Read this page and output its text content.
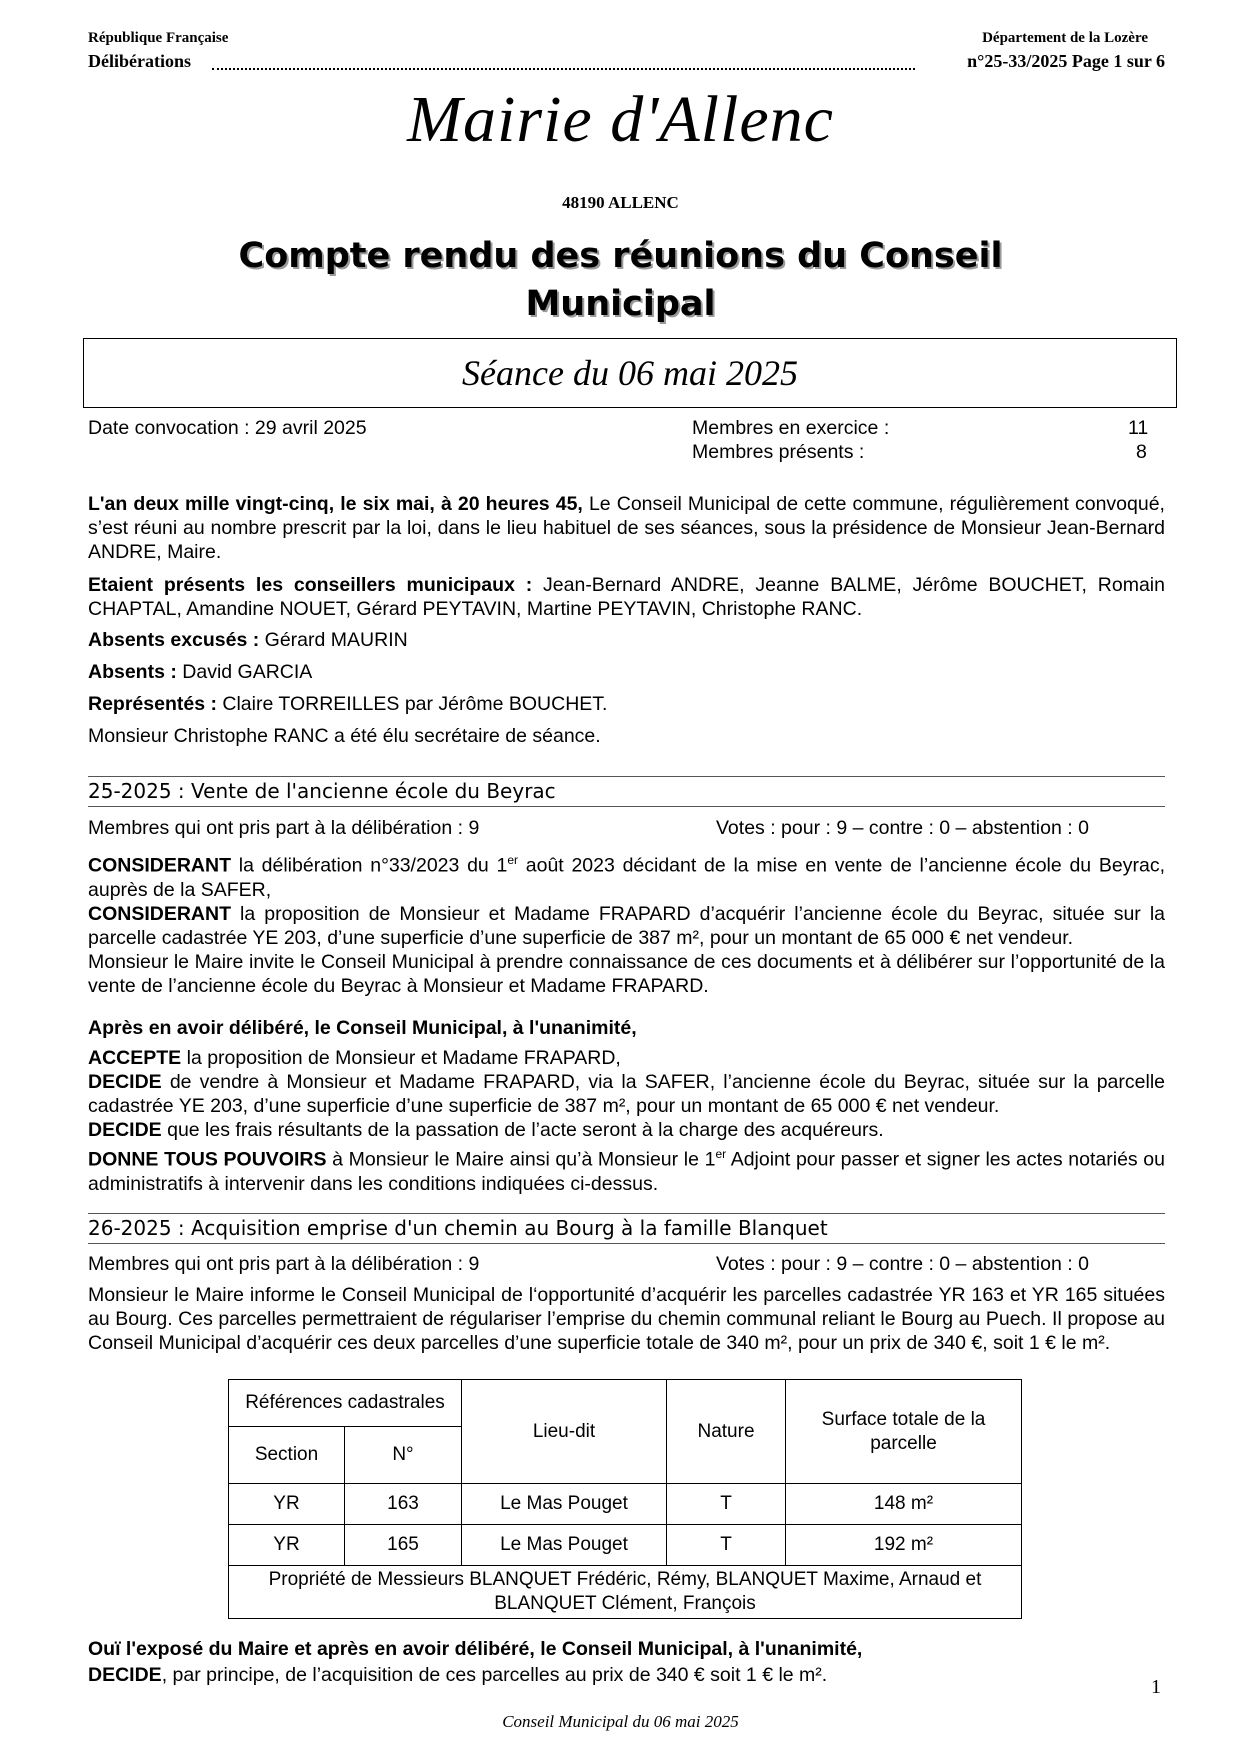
République Française	Département de la Lozère
Délibérations	n°25-33/2025 Page 1 sur 6
Mairie d'Allenc
48190 ALLENC
Compte rendu des réunions du Conseil
Municipal
Séance du 06 mai 2025
Date convocation : 29 avril 2025	Membres en exercice :	11
Membres présents :	8
L'an deux mille vingt-cinq, le six mai, à 20 heures 45, Le Conseil Municipal de cette commune, régulièrement convoqué, s’est réuni au nombre prescrit par la loi, dans le lieu habituel de ses séances, sous la présidence de Monsieur Jean-Bernard ANDRE, Maire.
Etaient présents les conseillers municipaux : Jean-Bernard ANDRE, Jeanne BALME, Jérôme BOUCHET, Romain CHAPTAL, Amandine NOUET, Gérard PEYTAVIN, Martine PEYTAVIN, Christophe RANC.
Absents excusés : Gérard MAURIN
Absents : David GARCIA
Représentés : Claire TORREILLES par Jérôme BOUCHET.
Monsieur Christophe RANC a été élu secrétaire de séance.
25-2025 : Vente de l'ancienne école du Beyrac
Membres qui ont pris part à la délibération : 9	Votes : pour : 9 – contre : 0 – abstention : 0
CONSIDERANT la délibération n°33/2023 du 1er août 2023 décidant de la mise en vente de l’ancienne école du Beyrac, auprès de la SAFER,
CONSIDERANT la proposition de Monsieur et Madame FRAPARD d’acquérir l’ancienne école du Beyrac, située sur la parcelle cadastrée YE 203, d’une superficie d’une superficie de 387 m², pour un montant de 65 000 € net vendeur.
Monsieur le Maire invite le Conseil Municipal à prendre connaissance de ces documents et à délibérer sur l’opportunité de la vente de l’ancienne école du Beyrac à Monsieur et Madame FRAPARD.
Après en avoir délibéré, le Conseil Municipal, à l'unanimité,
ACCEPTE la proposition de Monsieur et Madame FRAPARD,
DECIDE de vendre à Monsieur et Madame FRAPARD, via la SAFER, l’ancienne école du Beyrac, située sur la parcelle cadastrée YE 203, d’une superficie d’une superficie de 387 m², pour un montant de 65 000 € net vendeur.
DECIDE que les frais résultants de la passation de l’acte seront à la charge des acquéreurs.
DONNE TOUS POUVOIRS à Monsieur le Maire ainsi qu’à Monsieur le 1er Adjoint pour passer et signer les actes notariés ou administratifs à intervenir dans les conditions indiquées ci-dessus.
26-2025 : Acquisition emprise d'un chemin au Bourg à la famille Blanquet
Membres qui ont pris part à la délibération : 9	Votes : pour : 9 – contre : 0 – abstention : 0
Monsieur le Maire informe le Conseil Municipal de l‘opportunité d’acquérir les parcelles cadastrée YR 163 et YR 165 situées au Bourg. Ces parcelles permettraient de régulariser l’emprise du chemin communal reliant le Bourg au Puech. Il propose au Conseil Municipal d’acquérir ces deux parcelles d’une superficie totale de 340 m², pour un prix de 340 €, soit 1 € le m².
Références cadastrales		Lieu-dit	Nature	Surface totale de la parcelle
Section	N°			
YR	163	Le Mas Pouget	T	148 m²
YR	165	Le Mas Pouget	T	192 m²
Propriété de Messieurs BLANQUET Frédéric, Rémy, BLANQUET Maxime, Arnaud et BLANQUET Clément, François				
Ouï l'exposé du Maire et après en avoir délibéré, le Conseil Municipal, à l'unanimité,
DECIDE, par principe, de l’acquisition de ces parcelles au prix de 340 € soit 1 € le m².
1
Conseil Municipal du 06 mai 2025
